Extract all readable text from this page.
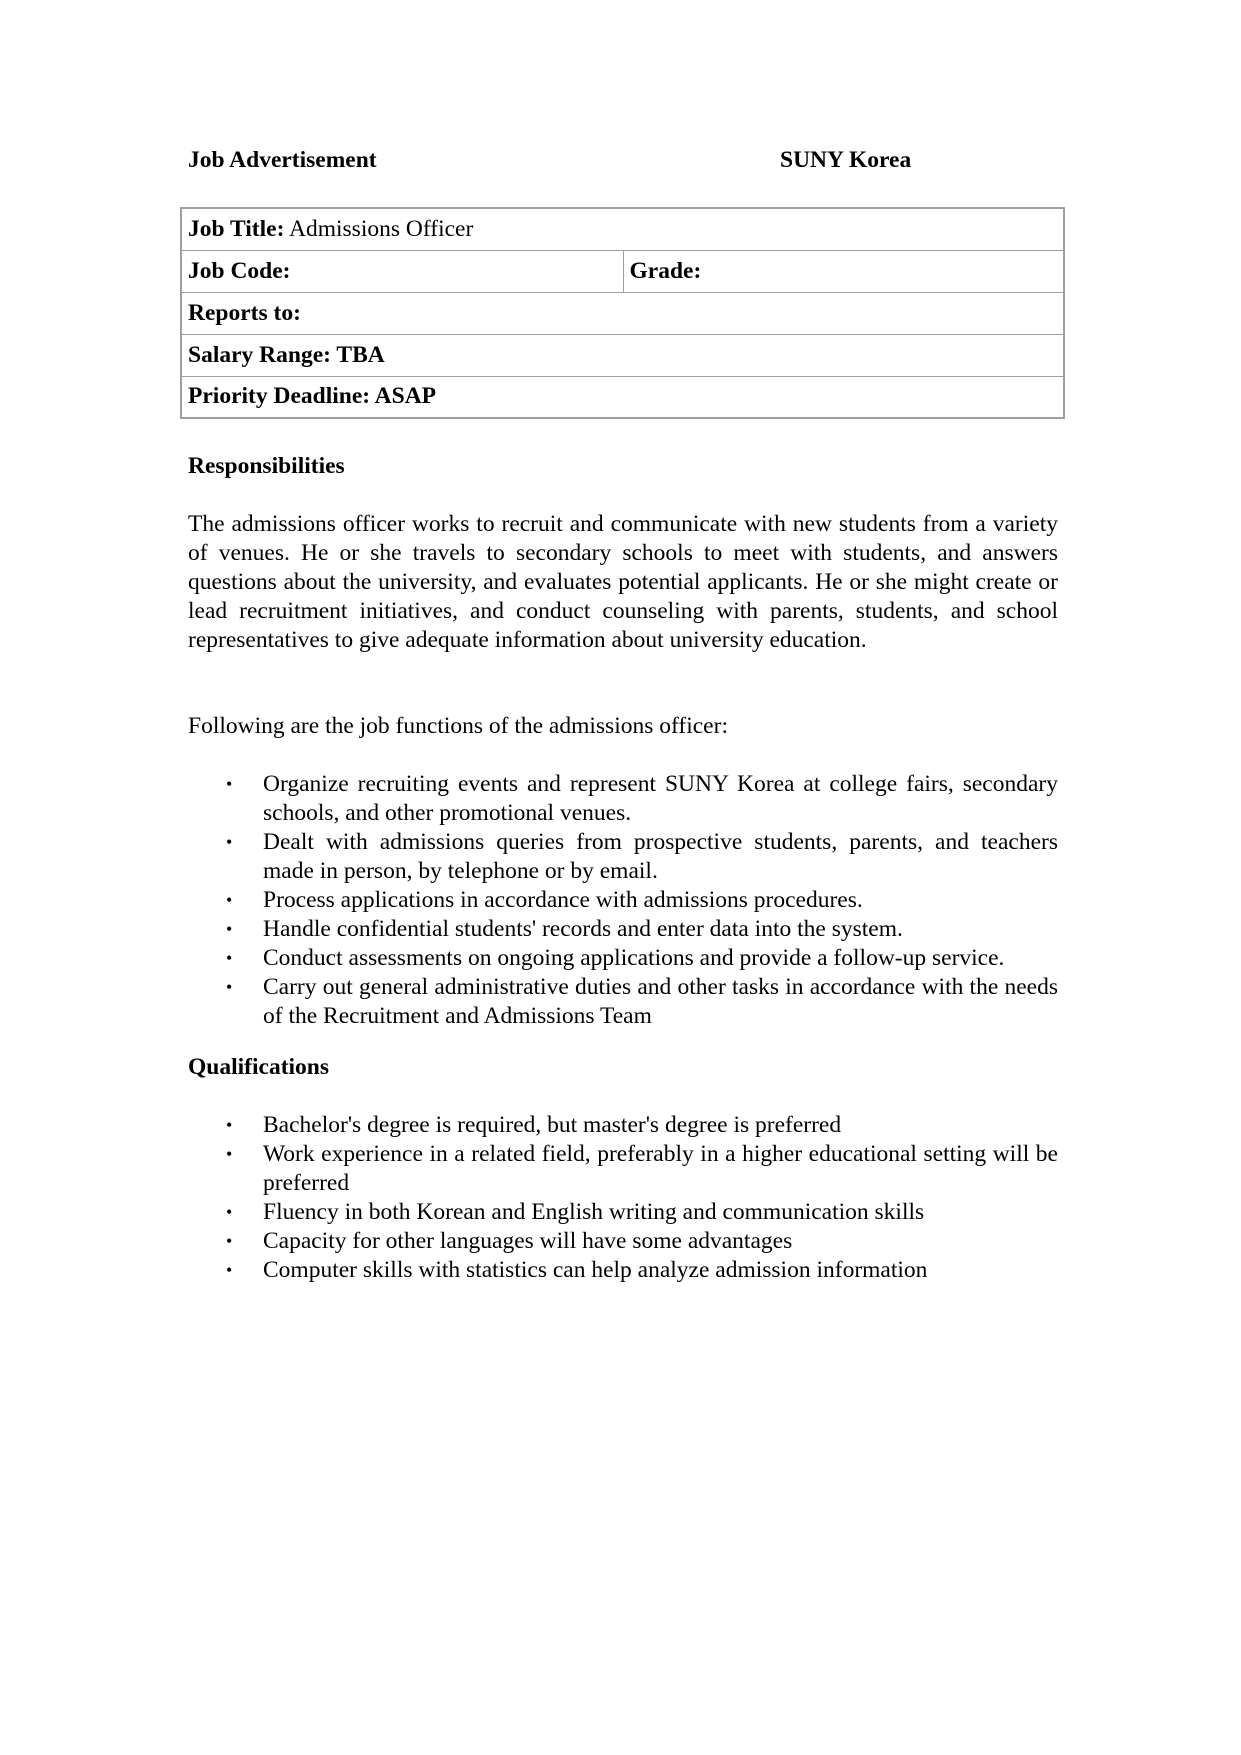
Job Advertisement	SUNY Korea
Job Title: Admissions Officer
Job Code:	Grade:
Reports to:
Salary Range: TBA
Priority Deadline: ASAP
Responsibilities
The admissions officer works to recruit and communicate with new students from a variety of venues. He or she travels to secondary schools to meet with students, and answers questions about the university, and evaluates potential applicants. He or she might create or lead recruitment initiatives, and conduct counseling with parents, students, and school representatives to give adequate information about university education.
Following are the job functions of the admissions officer:
• Organize recruiting events and represent SUNY Korea at college fairs, secondary schools, and other promotional venues.
• Dealt with admissions queries from prospective students, parents, and teachers made in person, by telephone or by email.
• Process applications in accordance with admissions procedures.
• Handle confidential students' records and enter data into the system.
• Conduct assessments on ongoing applications and provide a follow-up service.
• Carry out general administrative duties and other tasks in accordance with the needs of the Recruitment and Admissions Team
Qualifications
• Bachelor's degree is required, but master's degree is preferred
• Work experience in a related field, preferably in a higher educational setting will be preferred
• Fluency in both Korean and English writing and communication skills
• Capacity for other languages will have some advantages
• Computer skills with statistics can help analyze admission information
